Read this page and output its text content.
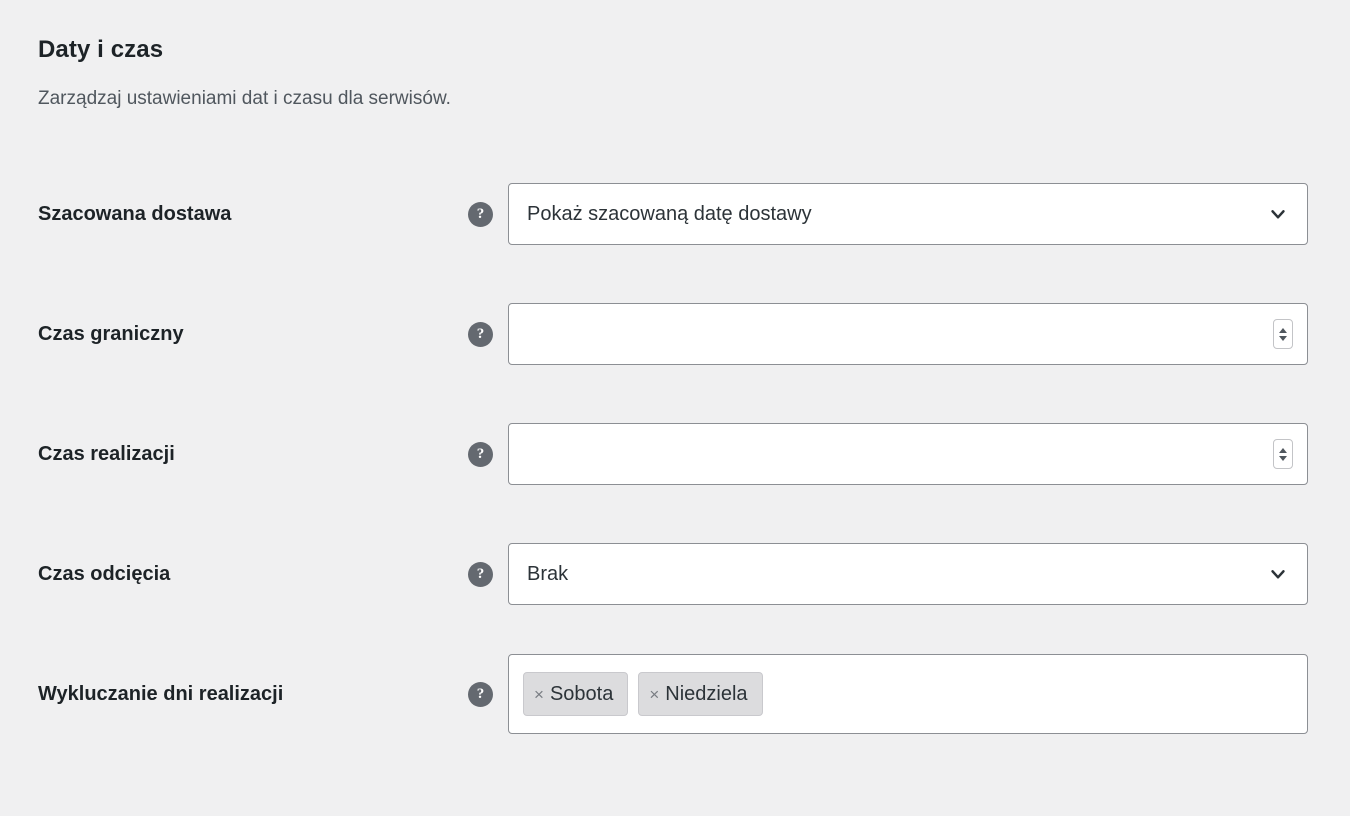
Daty i czas

Zarządzaj ustawieniami dat i czasu dla serwisów.

Szacowana dostawa	?	Pokaż szacowaną datę dostawy

Czas graniczny	?	

Czas realizacji	?	

Czas odcięcia	?	Brak

Wykluczanie dni realizacji	?	× Sobota × Niedziela
